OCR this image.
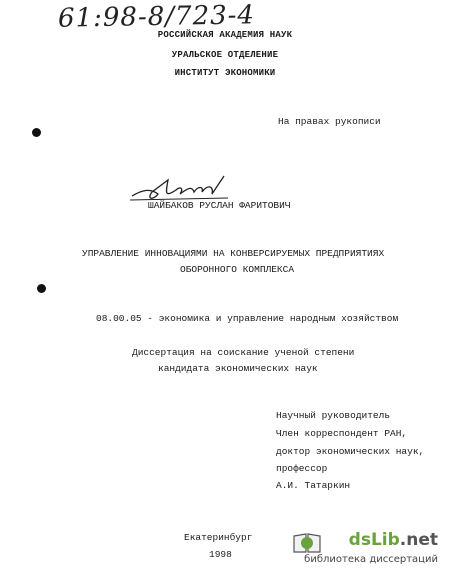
61:98-8/723-4
РОССИЙСКАЯ АКАДЕМИЯ НАУК
УРАЛЬСКОЕ ОТДЕЛЕНИЕ
ИНСТИТУТ ЭКОНОМИКИ
На правах рукописи
ШАЙБАКОВ РУСЛАН ФАРИТОВИЧ
УПРАВЛЕНИЕ ИННОВАЦИЯМИ НА КОНВЕРСИРУЕМЫХ ПРЕДПРИЯТИЯХ
ОБОРОННОГО КОМПЛЕКСА
08.00.05 - экономика и управление народным хозяйством
Диссертация на соискание ученой степени
кандидата экономических наук
Научный руководитель
Член корреспондент РАН,
доктор экономических наук,
профессор
А.И. Татаркин
Екатеринбург
1998
dsLib.net
библиотека диссертаций
